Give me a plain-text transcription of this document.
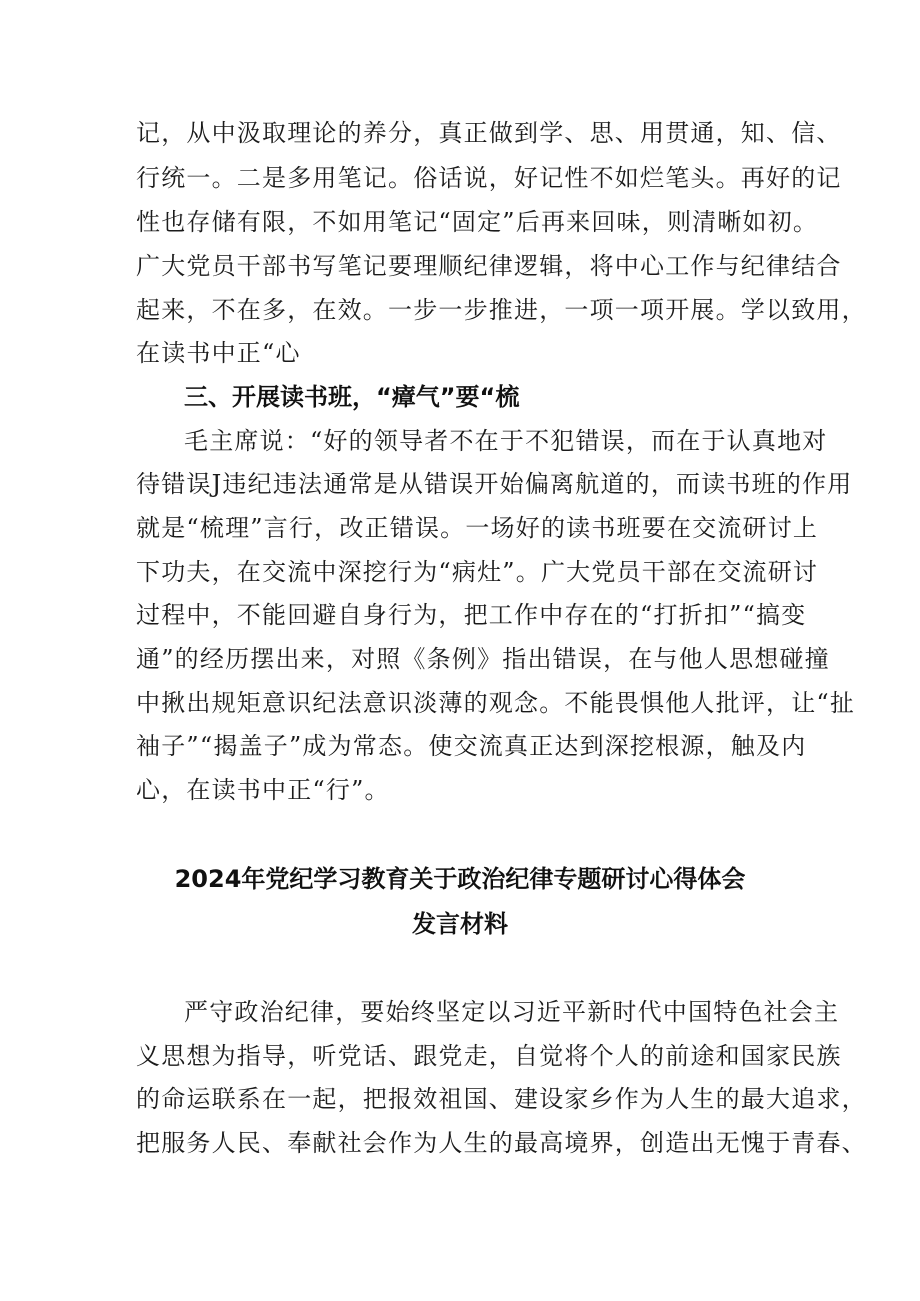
记，从中汲取理论的养分，真正做到学、思、用贯通，知、信、
行统一。二是多用笔记。俗话说，好记性不如烂笔头。再好的记
性也存储有限，不如用笔记“固定”后再来回味，则清晰如初。
广大党员干部书写笔记要理顺纪律逻辑，将中心工作与纪律结合
起来，不在多，在效。一步一步推进，一项一项开展。学以致用，
在读书中正“心
三、开展读书班，“瘴气”要“梳
毛主席说：“好的领导者不在于不犯错误，而在于认真地对
待错误J违纪违法通常是从错误开始偏离航道的，而读书班的作用
就是“梳理”言行，改正错误。一场好的读书班要在交流研讨上
下功夫，在交流中深挖行为“病灶”。广大党员干部在交流研讨
过程中，不能回避自身行为，把工作中存在的“打折扣”“搞变
通”的经历摆出来，对照《条例》指出错误，在与他人思想碰撞
中揪出规矩意识纪法意识淡薄的观念。不能畏惧他人批评，让“扯
袖子”“揭盖子”成为常态。使交流真正达到深挖根源，触及内
心，在读书中正“行”。
2024年党纪学习教育关于政治纪律专题研讨心得体会
发言材料
严守政治纪律，要始终坚定以习近平新时代中国特色社会主
义思想为指导，听党话、跟党走，自觉将个人的前途和国家民族
的命运联系在一起，把报效祖国、建设家乡作为人生的最大追求，
把服务人民、奉献社会作为人生的最高境界，创造出无愧于青春、
